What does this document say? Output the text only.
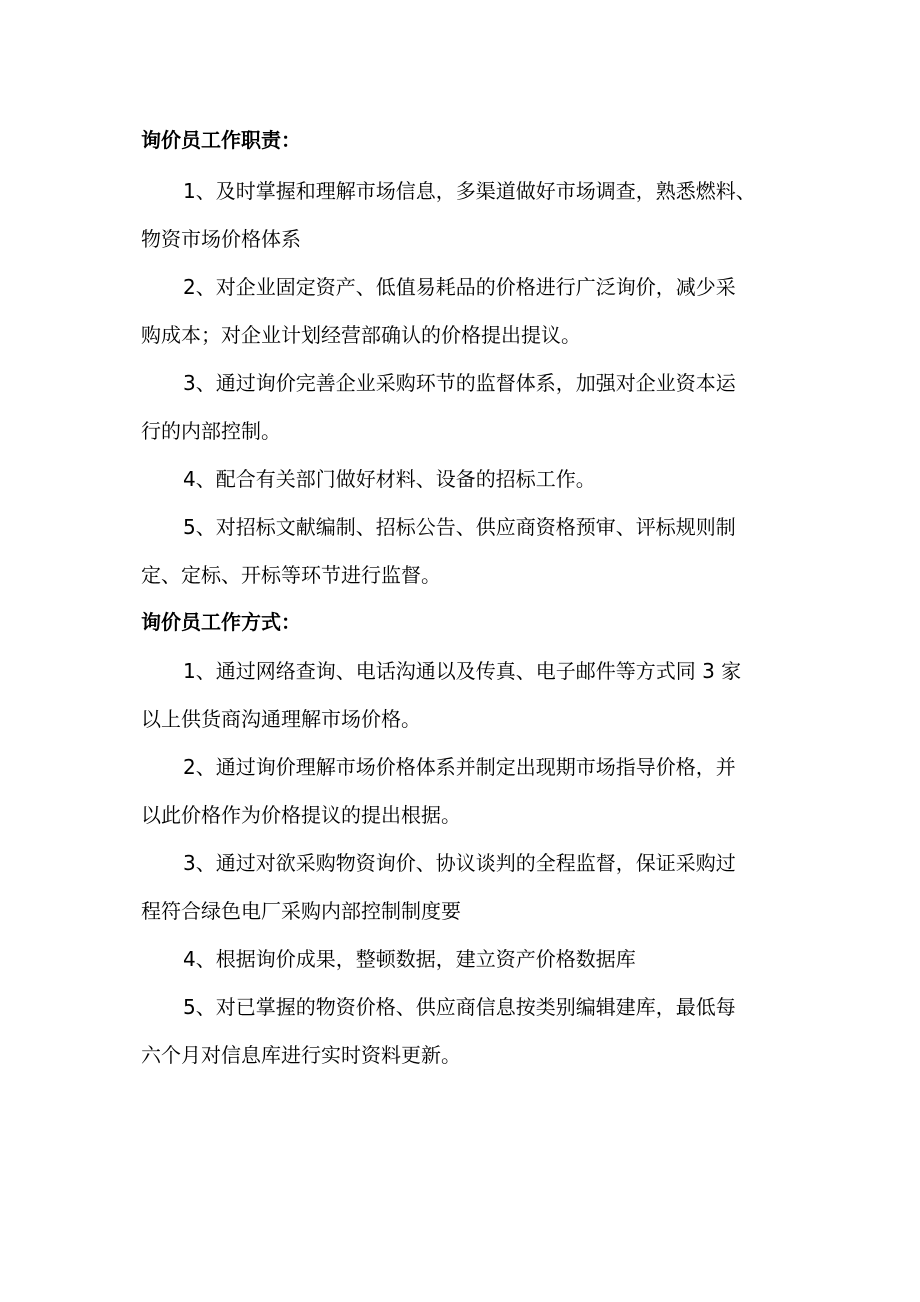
询价员工作职责：
1、及时掌握和理解市场信息，多渠道做好市场调查，熟悉燃料、
物资市场价格体系
2、对企业固定资产、低值易耗品的价格进行广泛询价，减少采
购成本；对企业计划经营部确认的价格提出提议。
3、通过询价完善企业采购环节的监督体系，加强对企业资本运
行的内部控制。
4、配合有关部门做好材料、设备的招标工作。
5、对招标文献编制、招标公告、供应商资格预审、评标规则制
定、定标、开标等环节进行监督。
询价员工作方式：
1、通过网络查询、电话沟通以及传真、电子邮件等方式同 3 家
以上供货商沟通理解市场价格。
2、通过询价理解市场价格体系并制定出现期市场指导价格，并
以此价格作为价格提议的提出根据。
3、通过对欲采购物资询价、协议谈判的全程监督，保证采购过
程符合绿色电厂采购内部控制制度要
4、根据询价成果，整顿数据，建立资产价格数据库
5、对已掌握的物资价格、供应商信息按类别编辑建库，最低每
六个月对信息库进行实时资料更新。
